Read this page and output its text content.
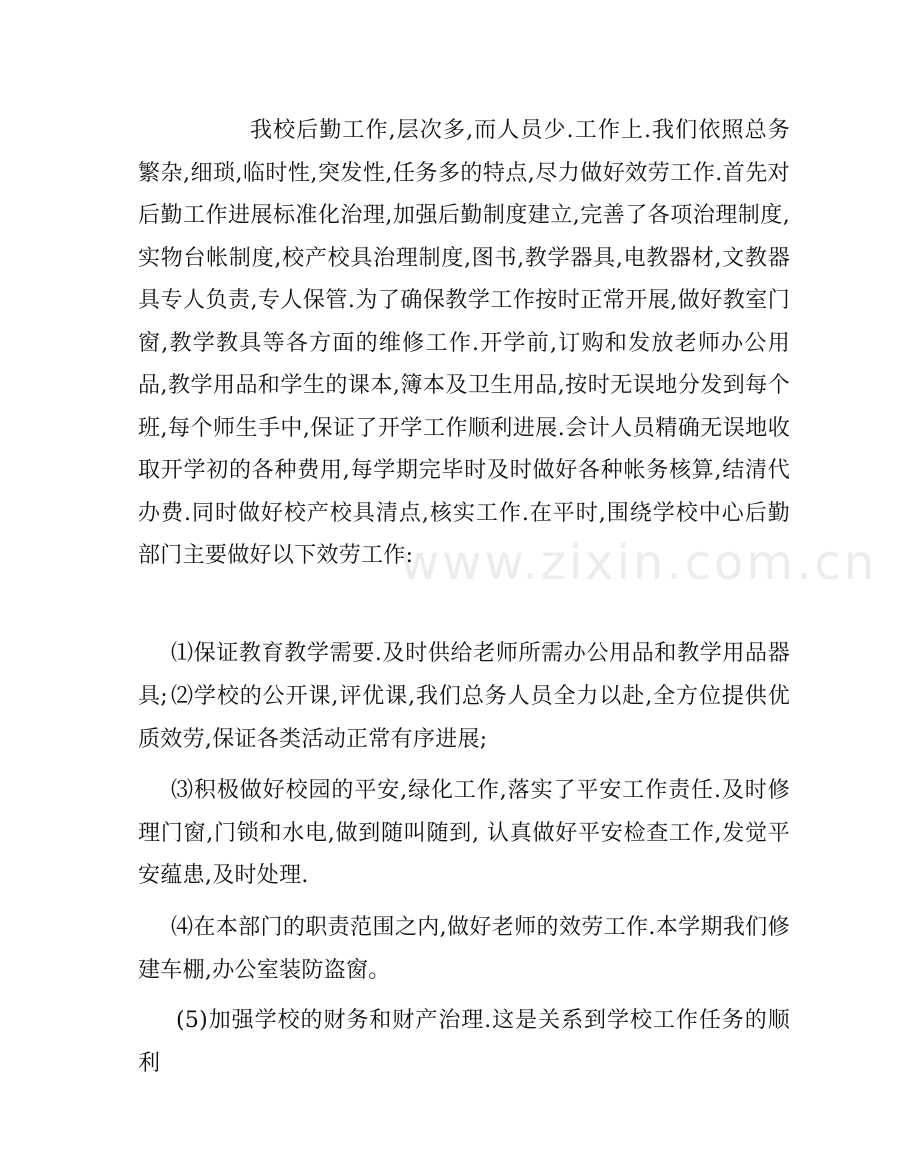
www.zixin.com.cn

我校后勤工作,层次多,而人员少.工作上.我们依照总务繁杂,细琐,临时性,突发性,任务多的特点,尽力做好效劳工作.首先对后勤工作进展标准化治理,加强后勤制度建立,完善了各项治理制度,实物台帐制度,校产校具治理制度,图书,教学器具,电教器材,文教器具专人负责,专人保管.为了确保教学工作按时正常开展,做好教室门窗,教学教具等各方面的维修工作.开学前,订购和发放老师办公用品,教学用品和学生的课本,簿本及卫生用品,按时无误地分发到每个班,每个师生手中,保证了开学工作顺利进展.会计人员精确无误地收取开学初的各种费用,每学期完毕时及时做好各种帐务核算,结清代办费.同时做好校产校具清点,核实工作.在平时,围绕学校中心后勤部门主要做好以下效劳工作:

⑴保证教育教学需要.及时供给老师所需办公用品和教学用品器具; ⑵学校的公开课,评优课,我们总务人员全力以赴,全方位提供优质效劳,保证各类活动正常有序进展;

⑶积极做好校园的平安,绿化工作,落实了平安工作责任.及时修理门窗,门锁和水电,做到随叫随到, 认真做好平安检查工作,发觉平安蕴患,及时处理.

⑷在本部门的职责范围之内,做好老师的效劳工作.本学期我们修建车棚,办公室装防盗窗。

(5)加强学校的财务和财产治理.这是关系到学校工作任务的顺利
